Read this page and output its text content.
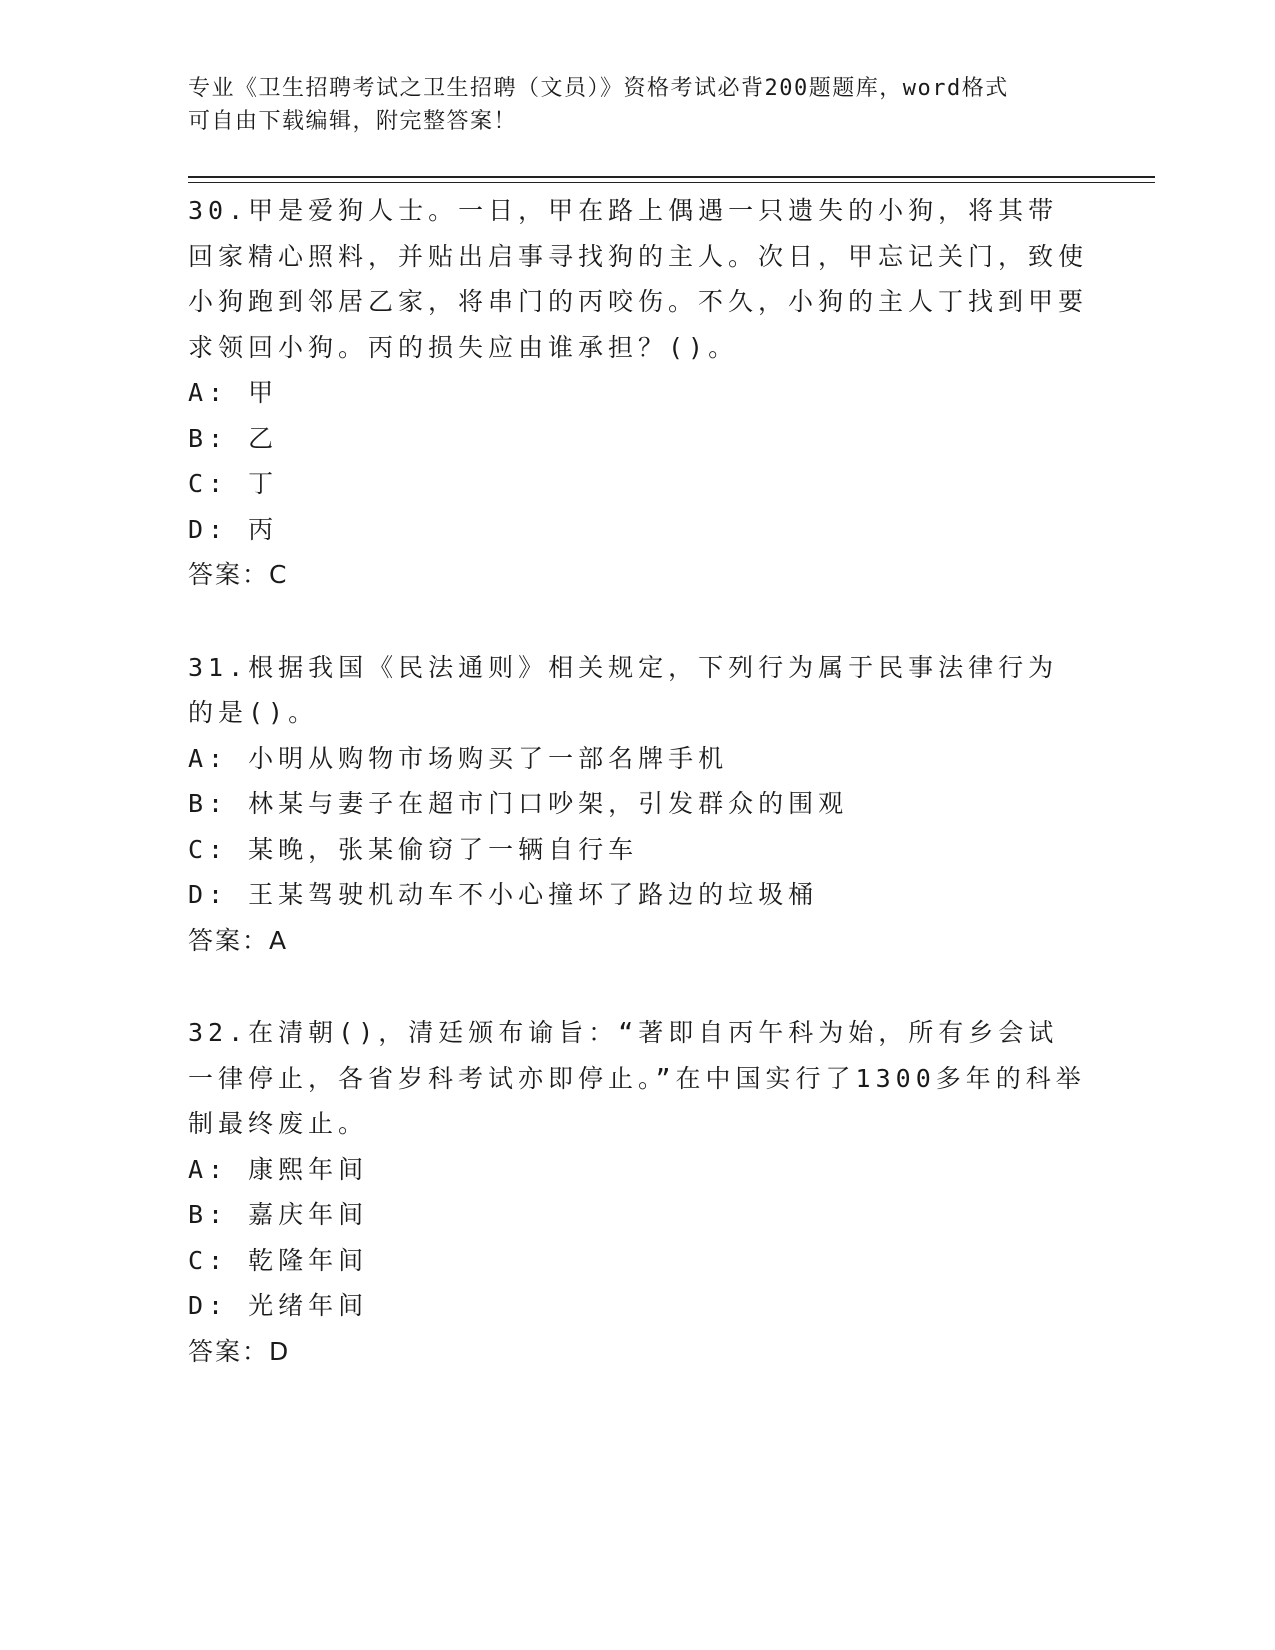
专业《卫生招聘考试之卫生招聘（文员）》资格考试必背200题题库，word格式
可自由下载编辑，附完整答案！
30.甲是爱狗人士。一日，甲在路上偶遇一只遗失的小狗，将其带回家精心照料，并贴出启事寻找狗的主人。次日，甲忘记关门，致使小狗跑到邻居乙家，将串门的丙咬伤。不久，小狗的主人丁找到甲要求领回小狗。丙的损失应由谁承担？()。
A: 甲
B: 乙
C: 丁
D: 丙
答案：C
31.根据我国《民法通则》相关规定，下列行为属于民事法律行为的是()。
A: 小明从购物市场购买了一部名牌手机
B: 林某与妻子在超市门口吵架，引发群众的围观
C: 某晚，张某偷窃了一辆自行车
D: 王某驾驶机动车不小心撞坏了路边的垃圾桶
答案：A
32.在清朝()，清廷颁布谕旨：“著即自丙午科为始，所有乡会试一律停止，各省岁科考试亦即停止。”在中国实行了1300多年的科举制最终废止。
A: 康熙年间
B: 嘉庆年间
C: 乾隆年间
D: 光绪年间
答案：D
